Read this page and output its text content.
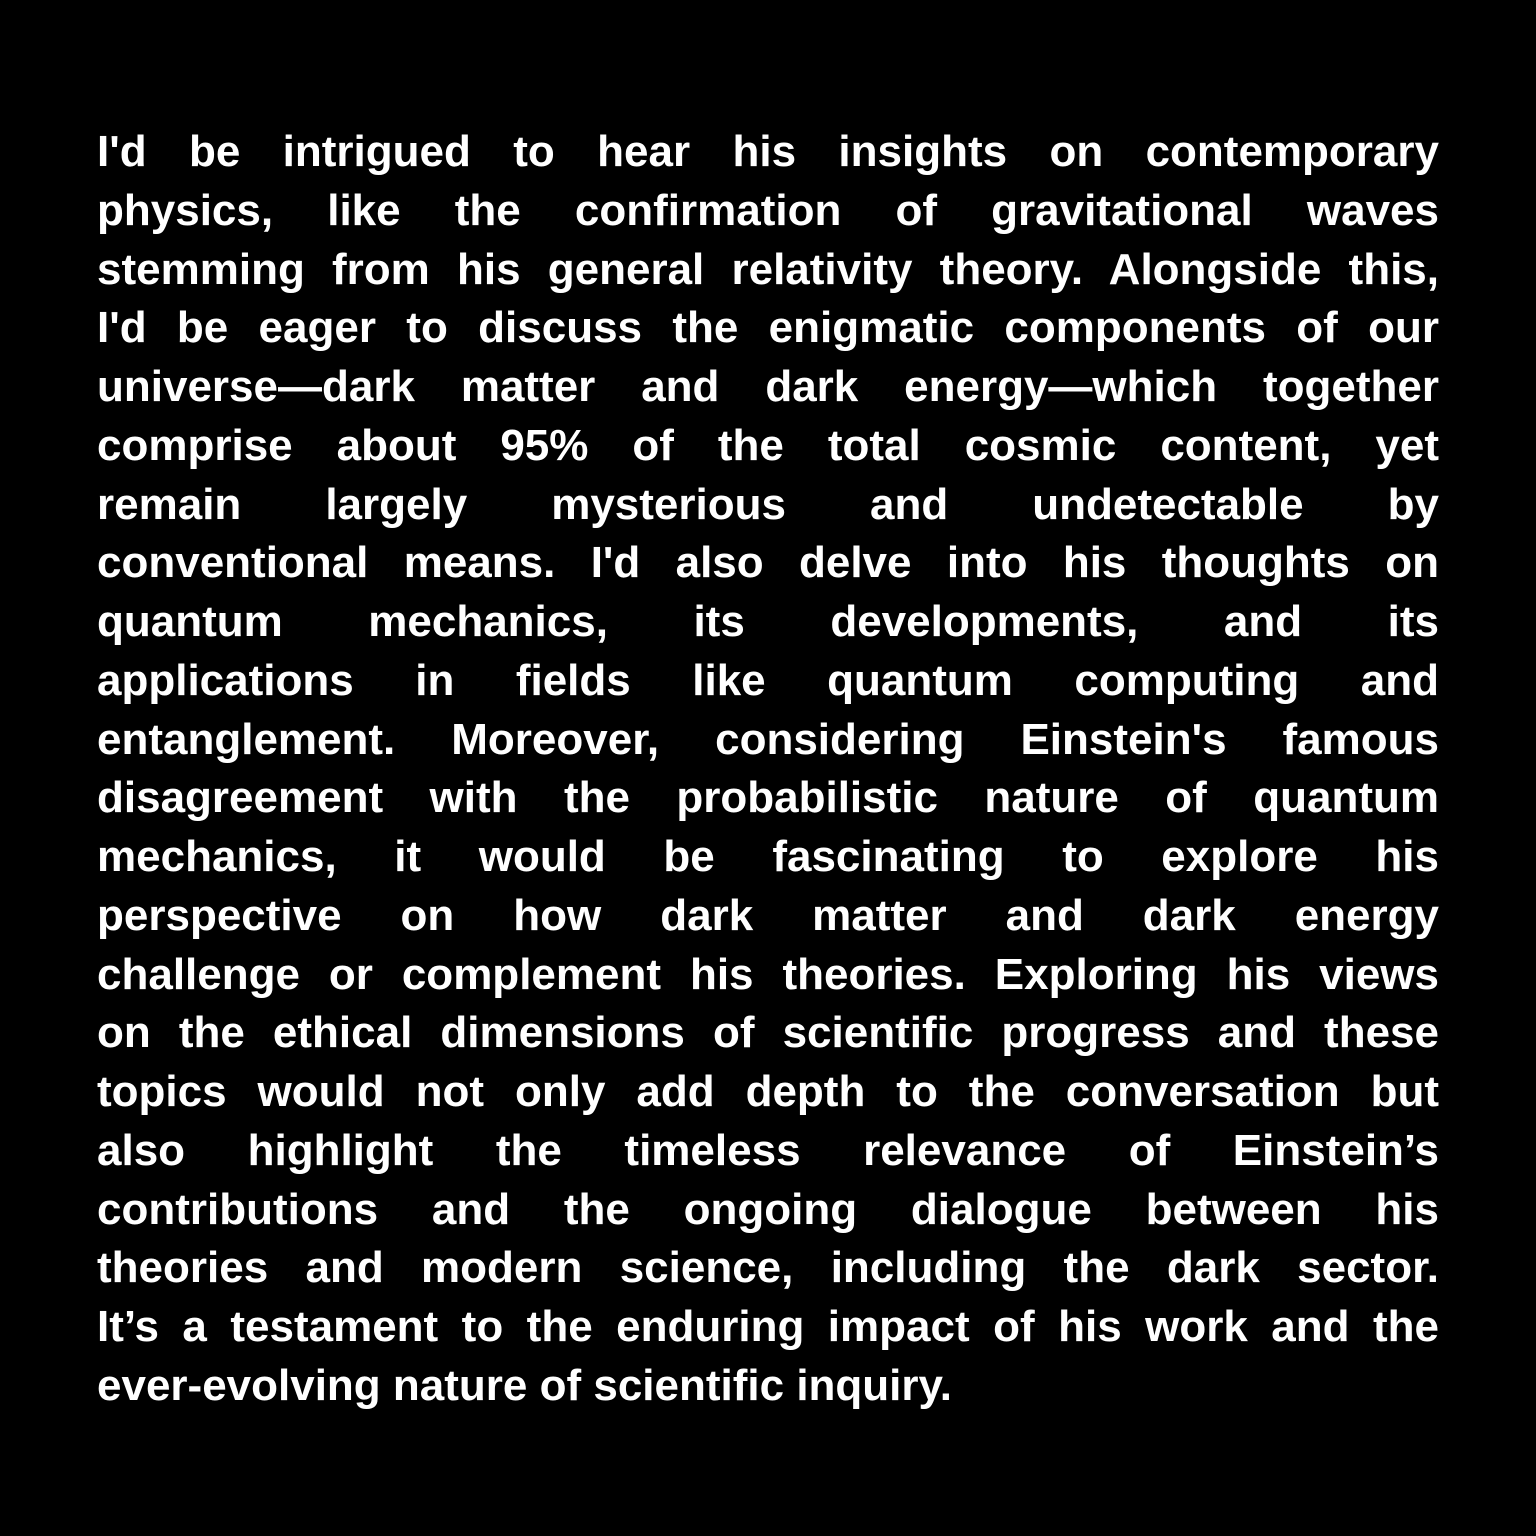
I'd be intrigued to hear his insights on contemporary
physics, like the confirmation of gravitational waves
stemming from his general relativity theory. Alongside this,
I'd be eager to discuss the enigmatic components of our
universe—dark matter and dark energy—which together
comprise about 95% of the total cosmic content, yet
remain largely mysterious and undetectable by
conventional means. I'd also delve into his thoughts on
quantum mechanics, its developments, and its
applications in fields like quantum computing and
entanglement. Moreover, considering Einstein's famous
disagreement with the probabilistic nature of quantum
mechanics, it would be fascinating to explore his
perspective on how dark matter and dark energy
challenge or complement his theories. Exploring his views
on the ethical dimensions of scientific progress and these
topics would not only add depth to the conversation but
also highlight the timeless relevance of Einstein’s
contributions and the ongoing dialogue between his
theories and modern science, including the dark sector.
It’s a testament to the enduring impact of his work and the
ever-evolving nature of scientific inquiry.
